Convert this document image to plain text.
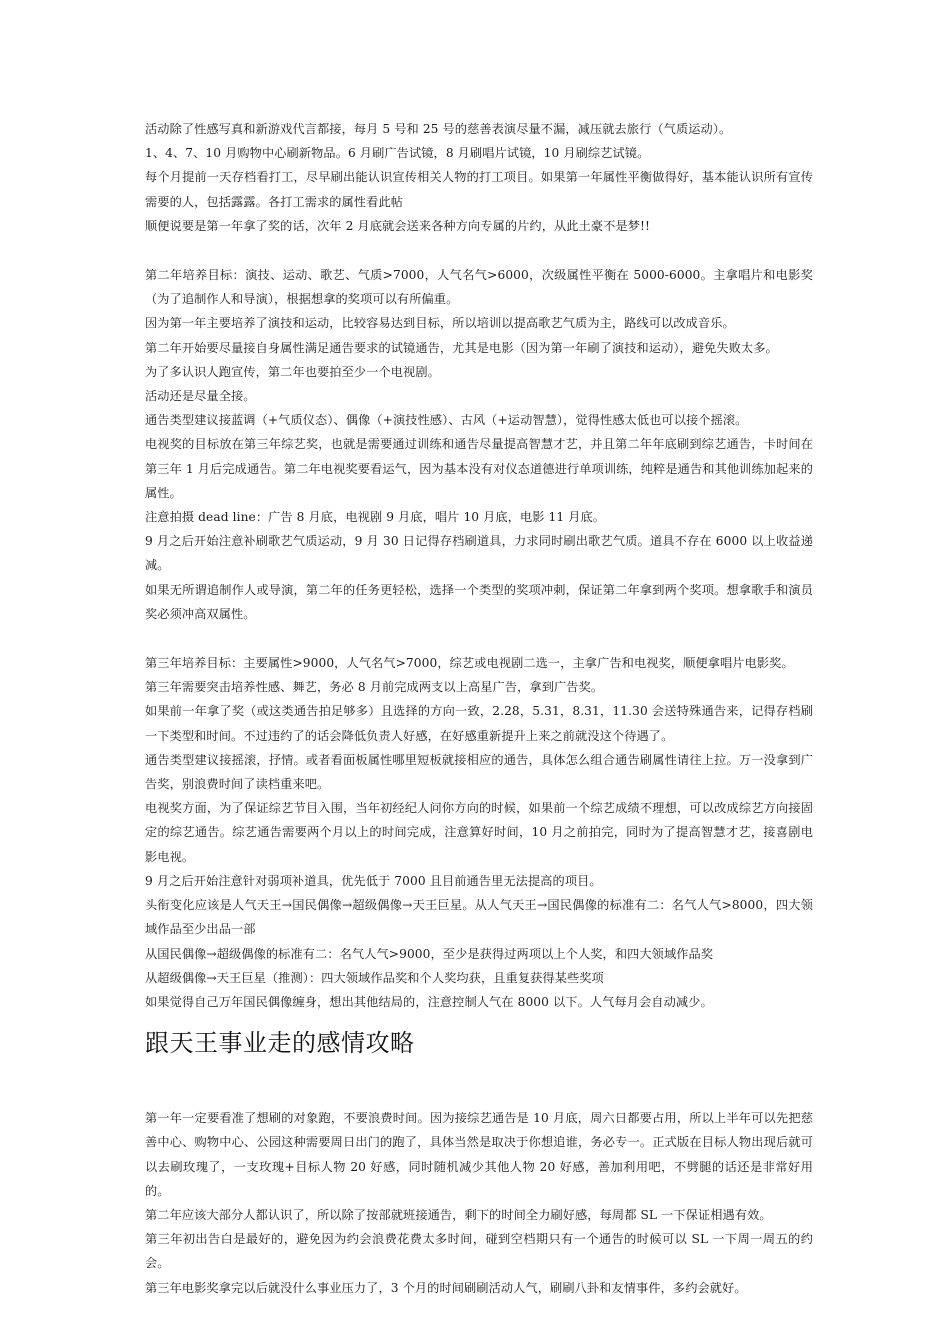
活动除了性感写真和新游戏代言都接，每月 5 号和 25 号的慈善表演尽量不漏，减压就去旅行（气质运动）。

1、4、7、10 月购物中心刷新物品。6 月刷广告试镜，8 月刷唱片试镜，10 月刷综艺试镜。

每个月提前一天存档看打工，尽早刷出能认识宣传相关人物的打工项目。如果第一年属性平衡做得好，基本能认识所有宣传需要的人，包括露露。各打工需求的属性看此帖

顺便说要是第一年拿了奖的话，次年 2 月底就会送来各种方向专属的片约，从此土豪不是梦!!

第二年培养目标：演技、运动、歌艺、气质>7000，人气名气>6000，次级属性平衡在 5000-6000。主拿唱片和电影奖（为了追制作人和导演），根据想拿的奖项可以有所偏重。

因为第一年主要培养了演技和运动，比较容易达到目标，所以培训以提高歌艺气质为主，路线可以改成音乐。

第二年开始要尽量接自身属性满足通告要求的试镜通告，尤其是电影（因为第一年刷了演技和运动），避免失败太多。

为了多认识人跑宣传，第二年也要拍至少一个电视剧。

活动还是尽量全接。

通告类型建议接蓝调（+气质仪态）、偶像（+演技性感）、古风（+运动智慧），觉得性感太低也可以接个摇滚。

电视奖的目标放在第三年综艺奖，也就是需要通过训练和通告尽量提高智慧才艺，并且第二年年底刷到综艺通告，卡时间在第三年 1 月后完成通告。第二年电视奖要看运气，因为基本没有对仪态道德进行单项训练，纯粹是通告和其他训练加起来的属性。

注意拍摄 dead line：广告 8 月底，电视剧 9 月底，唱片 10 月底，电影 11 月底。

9 月之后开始注意补刷歌艺气质运动，9 月 30 日记得存档刷道具，力求同时刷出歌艺气质。道具不存在 6000 以上收益递减。

如果无所谓追制作人或导演，第二年的任务更轻松，选择一个类型的奖项冲刺，保证第二年拿到两个奖项。想拿歌手和演员奖必须冲高双属性。

第三年培养目标：主要属性>9000，人气名气>7000，综艺或电视剧二选一，主拿广告和电视奖，顺便拿唱片电影奖。

第三年需要突击培养性感、舞艺，务必 8 月前完成两支以上高星广告，拿到广告奖。

如果前一年拿了奖（或这类通告拍足够多）且选择的方向一致，2.28，5.31，8.31，11.30 会送特殊通告来，记得存档刷一下类型和时间。不过违约了的话会降低负责人好感，在好感重新提升上来之前就没这个待遇了。

通告类型建议接摇滚，抒情。或者看面板属性哪里短板就接相应的通告，具体怎么组合通告刷属性请往上拉。万一没拿到广告奖，别浪费时间了读档重来吧。

电视奖方面，为了保证综艺节目入围，当年初经纪人问你方向的时候，如果前一个综艺成绩不理想，可以改成综艺方向接固定的综艺通告。综艺通告需要两个月以上的时间完成，注意算好时间，10 月之前拍完，同时为了提高智慧才艺，接喜剧电影电视。

9 月之后开始注意针对弱项补道具，优先低于 7000 且目前通告里无法提高的项目。

头衔变化应该是人气天王→国民偶像→超级偶像→天王巨星。从人气天王→国民偶像的标准有二：名气人气>8000，四大领域作品至少出品一部

从国民偶像→超级偶像的标准有二：名气人气>9000，至少是获得过两项以上个人奖，和四大领域作品奖

从超级偶像→天王巨星（推测）：四大领域作品奖和个人奖均获，且重复获得某些奖项

如果觉得自己万年国民偶像缠身，想出其他结局的，注意控制人气在 8000 以下。人气每月会自动减少。

跟天王事业走的感情攻略

第一年一定要看准了想刷的对象跑，不要浪费时间。因为接综艺通告是 10 月底，周六日都要占用，所以上半年可以先把慈善中心、购物中心、公园这种需要周日出门的跑了，具体当然是取决于你想追谁，务必专一。正式版在目标人物出现后就可以去刷玫瑰了，一支玫瑰+目标人物 20 好感，同时随机减少其他人物 20 好感，善加利用吧，不劈腿的话还是非常好用的。

第二年应该大部分人都认识了，所以除了按部就班接通告，剩下的时间全力刷好感，每周都 SL 一下保证相遇有效。

第三年初出告白是最好的，避免因为约会浪费花费太多时间，碰到空档期只有一个通告的时候可以 SL 一下周一周五的约会。

第三年电影奖拿完以后就没什么事业压力了，3 个月的时间刷刷活动人气，刷刷八卦和友情事件，多约会就好。
